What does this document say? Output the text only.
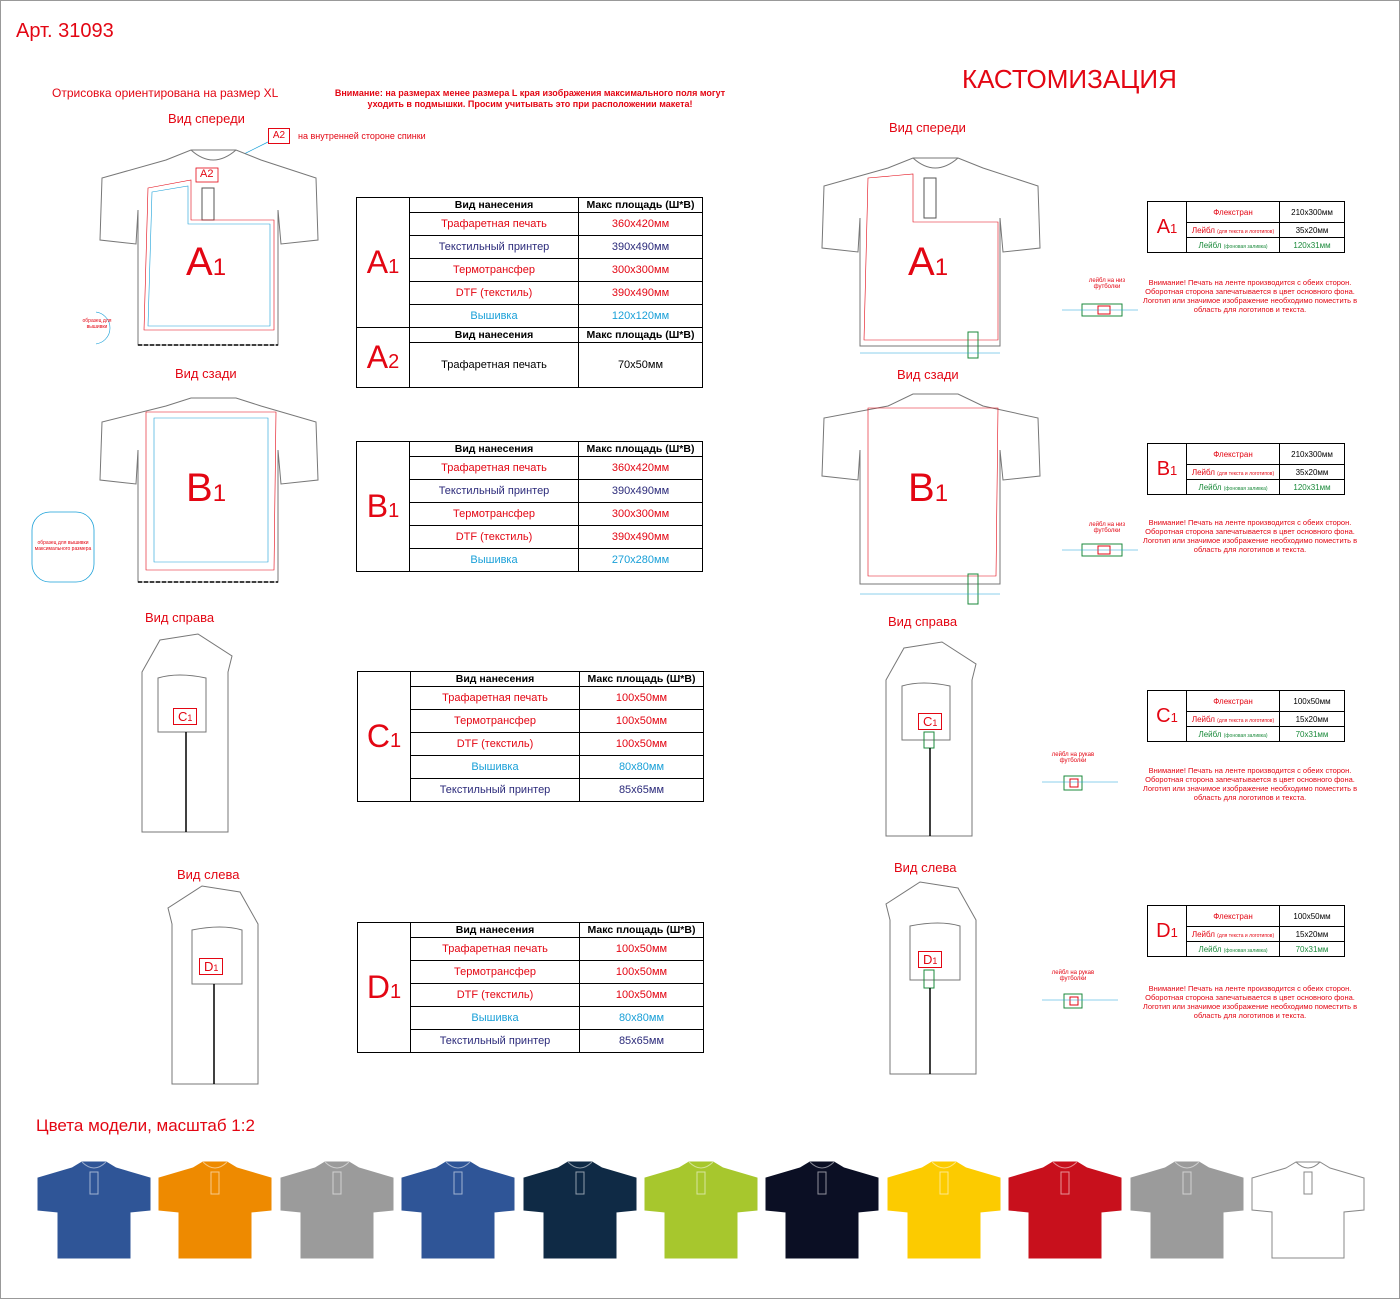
Арт. 31093
Отрисовка ориентирована на размер XL	Внимание: на размерах менее размера L края изображения максимального поля могут уходить в подмышки. Просим учитывать это при расположении макета!
КАСТОМИЗАЦИЯ
Вид спереди
A2	на внутренней стороне спинки
A2
A1
образец для вышивки
Вид сзади
B1
образец для вышивки максимального размера
Вид справа
C1
Вид слева
D1
A1	Вид нанесения	Макс площадь (Ш*В)
	Трафаретная печать	360x420мм
	Текстильный принтер	390x490мм
	Термотрансфер	300x300мм
	DTF (текстиль)	390x490мм
	Вышивка	120x120мм
A2	Вид нанесения	Макс площадь (Ш*В)
	Трафаретная печать	70x50мм
B1	Вид нанесения	Макс площадь (Ш*В)
	Трафаретная печать	360x420мм
	Текстильный принтер	390x490мм
	Термотрансфер	300x300мм
	DTF (текстиль)	390x490мм
	Вышивка	270x280мм
C1	Вид нанесения	Макс площадь (Ш*В)
	Трафаретная печать	100x50мм
	Термотрансфер	100x50мм
	DTF (текстиль)	100x50мм
	Вышивка	80x80мм
	Текстильный принтер	85x65мм
D1	Вид нанесения	Макс площадь (Ш*В)
	Трафаретная печать	100x50мм
	Термотрансфер	100x50мм
	DTF (текстиль)	100x50мм
	Вышивка	80x80мм
	Текстильный принтер	85x65мм
Вид спереди
A1
Вид сзади
B1
Вид справа
C1
Вид слева
D1
A1	Флекстран	210x300мм
	Лейбл (для текста и логотипов)	35x20мм
	Лейбл (фоновая заливка)	120x31мм
Внимание! Печать на ленте производится с обеих сторон. Оборотная сторона запечатывается в цвет основного фона. Логотип или значимое изображение необходимо поместить в область для логотипов и текста.
лейбл на низ футболки
B1	Флекстран	210x300мм
	Лейбл (для текста и логотипов)	35x20мм
	Лейбл (фоновая заливка)	120x31мм
Внимание! Печать на ленте производится с обеих сторон. Оборотная сторона запечатывается в цвет основного фона. Логотип или значимое изображение необходимо поместить в область для логотипов и текста.
лейбл на низ футболки
C1	Флекстран	100x50мм
	Лейбл (для текста и логотипов)	15x20мм
	Лейбл (фоновая заливка)	70x31мм
Внимание! Печать на ленте производится с обеих сторон. Оборотная сторона запечатывается в цвет основного фона. Логотип или значимое изображение необходимо поместить в область для логотипов и текста.
лейбл на рукав футболки
D1	Флекстран	100x50мм
	Лейбл (для текста и логотипов)	15x20мм
	Лейбл (фоновая заливка)	70x31мм
Внимание! Печать на ленте производится с обеих сторон. Оборотная сторона запечатывается в цвет основного фона. Логотип или значимое изображение необходимо поместить в область для логотипов и текста.
лейбл на рукав футболки
Цвета модели, масштаб 1:2
